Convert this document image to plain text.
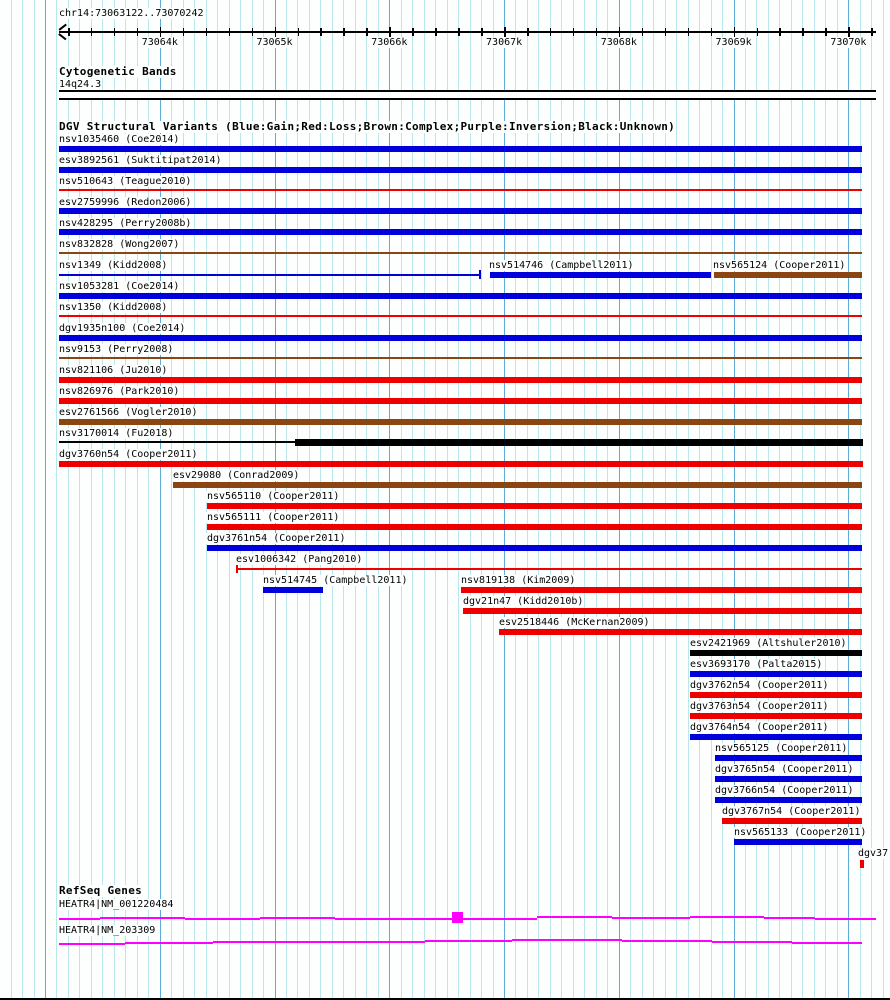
chr14:73063122..73070242
73064k	73065k	73066k	73067k	73068k	73069k	73070k
Cytogenetic Bands
14q24.3
DGV Structural Variants (Blue:Gain;Red:Loss;Brown:Complex;Purple:Inversion;Black:Unknown)
nsv1035460 (Coe2014)
esv3892561 (Suktitipat2014)
nsv510643 (Teague2010)
esv2759996 (Redon2006)
nsv428295 (Perry2008b)
nsv832828 (Wong2007)
nsv1349 (Kidd2008)	nsv514746 (Campbell2011)	nsv565124 (Cooper2011)
nsv1053281 (Coe2014)
nsv1350 (Kidd2008)
dgv1935n100 (Coe2014)
nsv9153 (Perry2008)
nsv821106 (Ju2010)
nsv826976 (Park2010)
esv2761566 (Vogler2010)
nsv3170014 (Fu2018)
dgv3760n54 (Cooper2011)
esv29080 (Conrad2009)
nsv565110 (Cooper2011)
nsv565111 (Cooper2011)
dgv3761n54 (Cooper2011)
esv1006342 (Pang2010)
nsv514745 (Campbell2011)	nsv819138 (Kim2009)
dgv21n47 (Kidd2010b)
esv2518446 (McKernan2009)
esv2421969 (Altshuler2010)
esv3693170 (Palta2015)
dgv3762n54 (Cooper2011)
dgv3763n54 (Cooper2011)
dgv3764n54 (Cooper2011)
nsv565125 (Cooper2011)
dgv3765n54 (Cooper2011)
dgv3766n54 (Cooper2011)
dgv3767n54 (Cooper2011)
nsv565133 (Cooper2011)
dgv37
RefSeq Genes
HEATR4|NM_001220484
HEATR4|NM_203309
